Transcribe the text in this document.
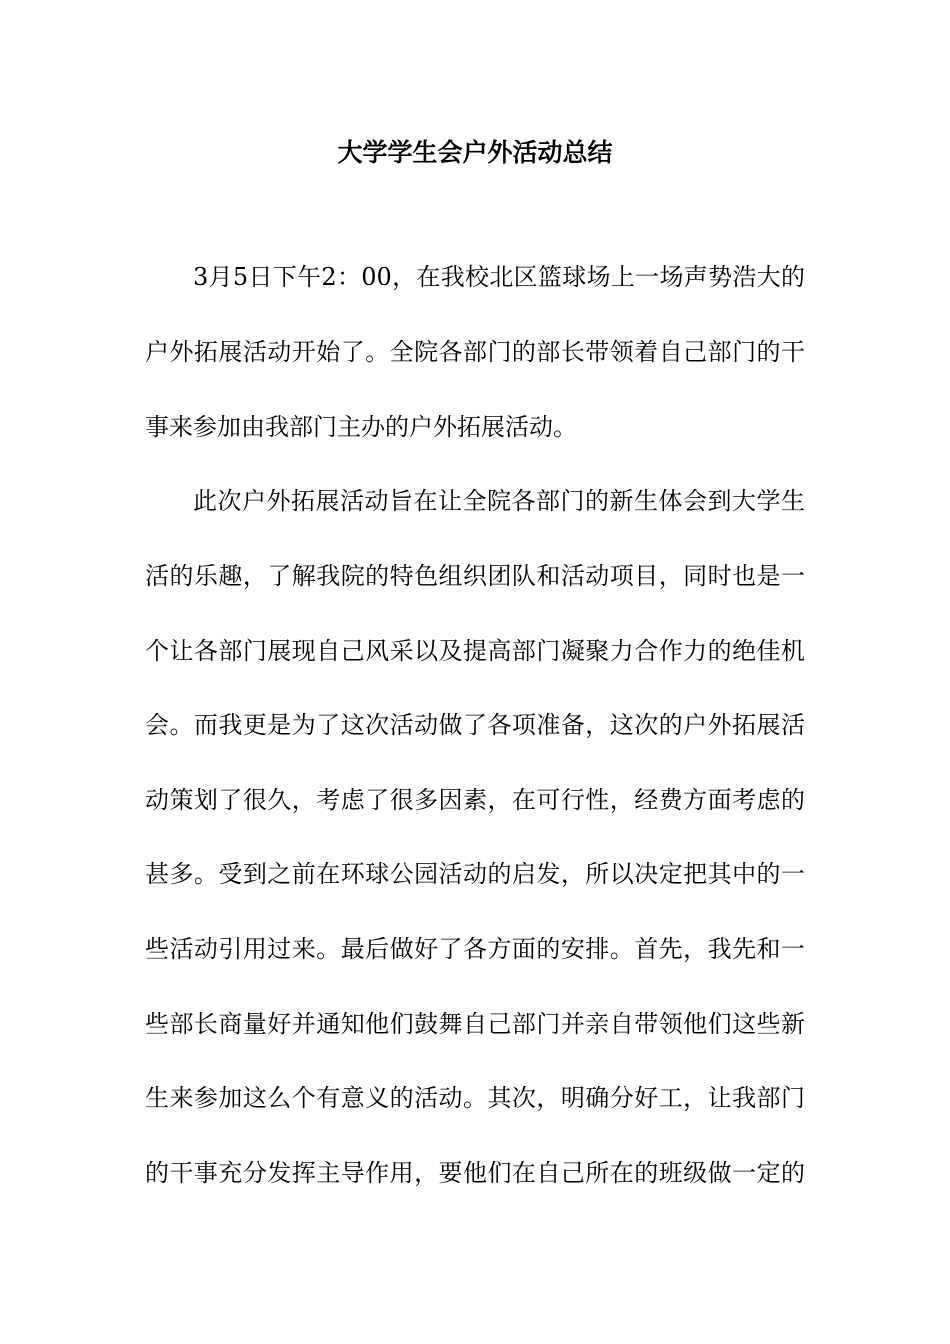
大学学生会户外活动总结

3月5日下午2：00，在我校北区篮球场上一场声势浩大的

户外拓展活动开始了。全院各部门的部长带领着自己部门的干

事来参加由我部门主办的户外拓展活动。

此次户外拓展活动旨在让全院各部门的新生体会到大学生

活的乐趣，了解我院的特色组织团队和活动项目，同时也是一

个让各部门展现自己风采以及提高部门凝聚力合作力的绝佳机

会。而我更是为了这次活动做了各项准备，这次的户外拓展活

动策划了很久，考虑了很多因素，在可行性，经费方面考虑的

甚多。受到之前在环球公园活动的启发，所以决定把其中的一

些活动引用过来。最后做好了各方面的安排。首先，我先和一

些部长商量好并通知他们鼓舞自己部门并亲自带领他们这些新

生来参加这么个有意义的活动。其次，明确分好工，让我部门

的干事充分发挥主导作用，要他们在自己所在的班级做一定的
